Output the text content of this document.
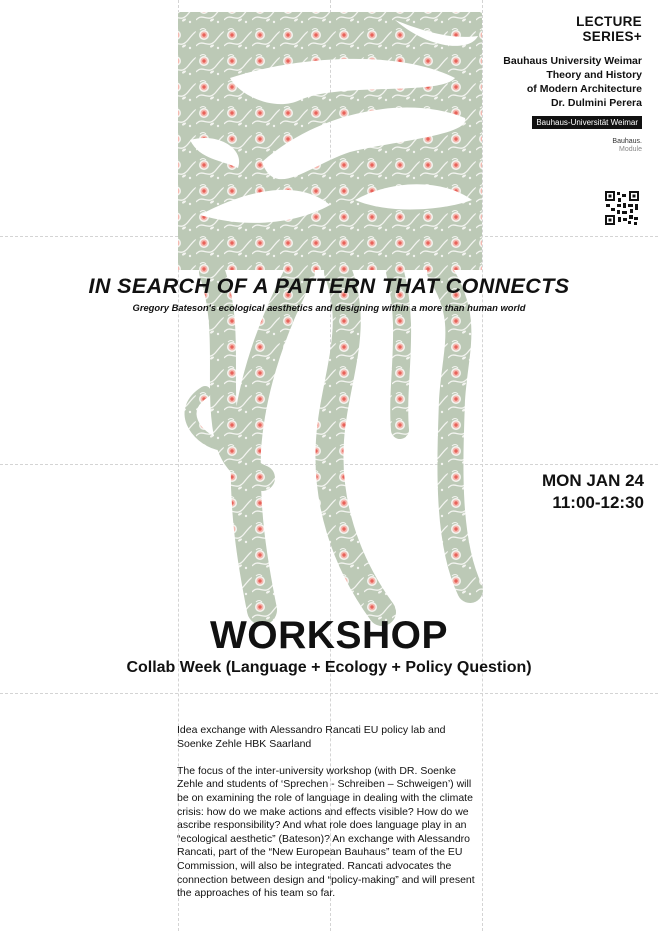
LECTURE
SERIES+
Bauhaus University Weimar
Theory and History
of Modern Architecture
Dr. Dulmini Perera
Bauhaus-Universität Weimar
Bauhaus.
Module
IN SEARCH OF A PATTERN THAT CONNECTS
Gregory Bateson's ecological aesthetics and designing within a more than human world
MON JAN 24
11:00-12:30
WORKSHOP
Collab Week (Language + Ecology + Policy Question)

Idea exchange with Alessandro Rancati EU policy lab and Soenke Zehle HBK Saarland

The focus of the inter-university workshop (with DR. Soenke Zehle and students of ‘Sprechen - Schreiben – Schweigen’) will be on examining the role of language in dealing with the climate crisis: how do we make actions and effects visible? How do we ascribe responsibility? And what role does language play in an “ecological aesthetic” (Bateson)? An exchange with Alessandro Rancati, part of the “New European Bauhaus” team of the EU Commission, will also be integrated. Rancati advocates the connection between design and “policy-making” and will present the approaches of his team so far.
